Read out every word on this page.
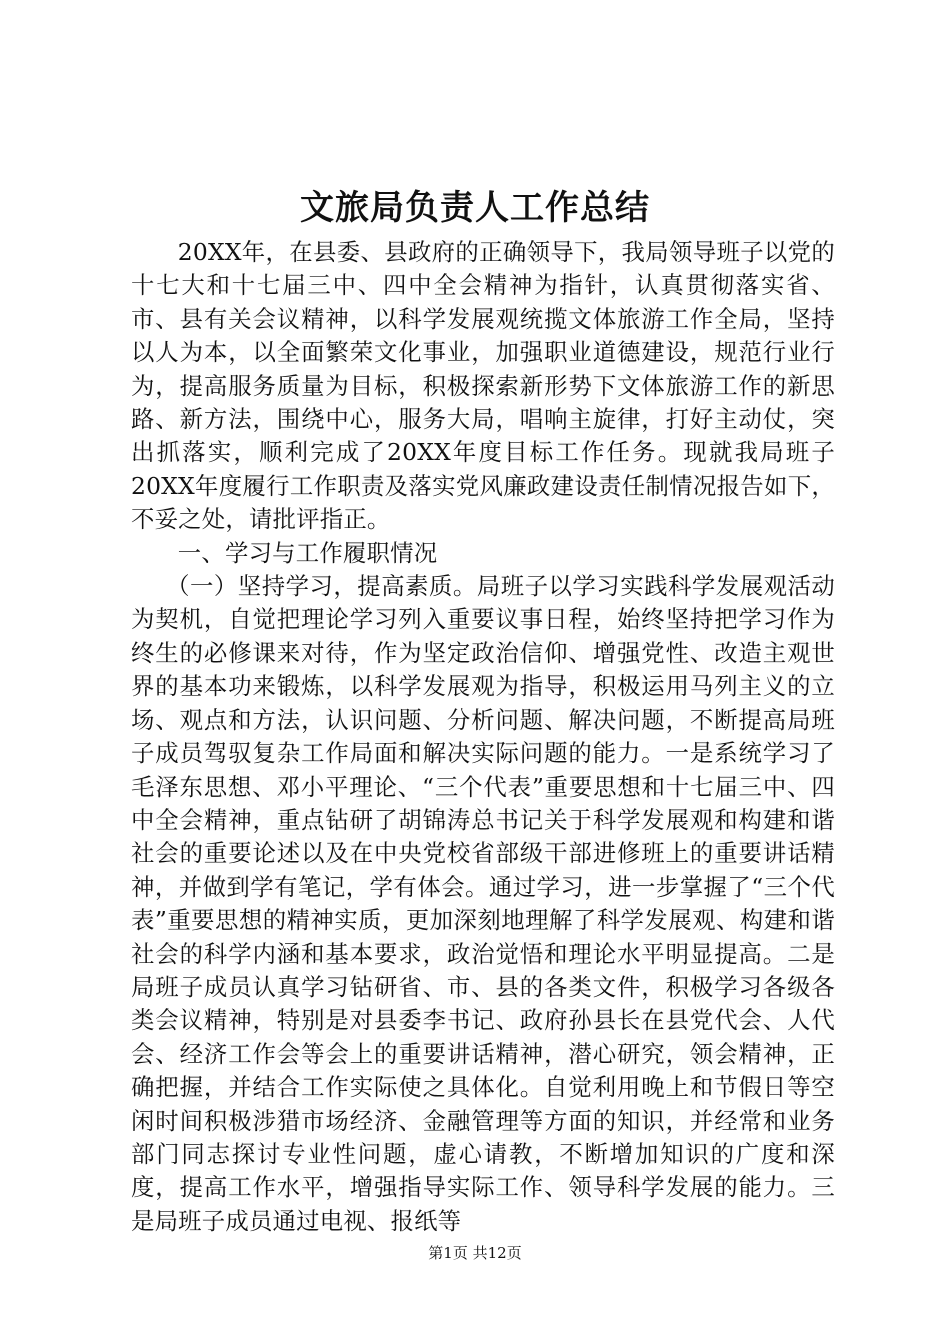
文旅局负责人工作总结

20XX年，在县委、县政府的正确领导下，我局领导班子以党的十七大和十七届三中、四中全会精神为指针，认真贯彻落实省、市、县有关会议精神，以科学发展观统揽文体旅游工作全局，坚持以人为本，以全面繁荣文化事业，加强职业道德建设，规范行业行为，提高服务质量为目标，积极探索新形势下文体旅游工作的新思路、新方法，围绕中心，服务大局，唱响主旋律，打好主动仗，突出抓落实，顺利完成了20XX年度目标工作任务。现就我局班子20XX年度履行工作职责及落实党风廉政建设责任制情况报告如下，不妥之处，请批评指正。

一、学习与工作履职情况

（一）坚持学习，提高素质。局班子以学习实践科学发展观活动为契机，自觉把理论学习列入重要议事日程，始终坚持把学习作为终生的必修课来对待，作为坚定政治信仰、增强党性、改造主观世界的基本功来锻炼，以科学发展观为指导，积极运用马列主义的立场、观点和方法，认识问题、分析问题、解决问题，不断提高局班子成员驾驭复杂工作局面和解决实际问题的能力。一是系统学习了毛泽东思想、邓小平理论、“三个代表”重要思想和十七届三中、四中全会精神，重点钻研了胡锦涛总书记关于科学发展观和构建和谐社会的重要论述以及在中央党校省部级干部进修班上的重要讲话精神，并做到学有笔记，学有体会。通过学习，进一步掌握了“三个代表”重要思想的精神实质，更加深刻地理解了科学发展观、构建和谐社会的科学内涵和基本要求，政治觉悟和理论水平明显提高。二是局班子成员认真学习钻研省、市、县的各类文件，积极学习各级各类会议精神，特别是对县委李书记、政府孙县长在县党代会、人代会、经济工作会等会上的重要讲话精神，潜心研究，领会精神，正确把握，并结合工作实际使之具体化。自觉利用晚上和节假日等空闲时间积极涉猎市场经济、金融管理等方面的知识，并经常和业务部门同志探讨专业性问题，虚心请教，不断增加知识的广度和深度，提高工作水平，增强指导实际工作、领导科学发展的能力。三是局班子成员通过电视、报纸等

第1页 共12页
